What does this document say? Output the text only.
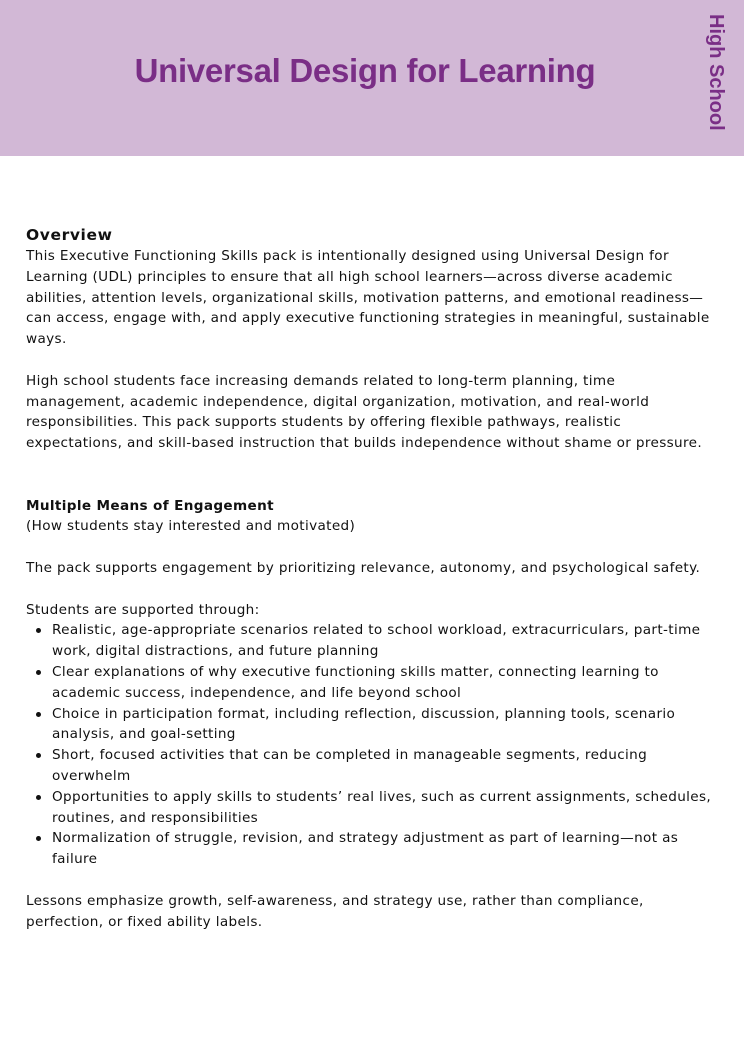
Universal Design for Learning	High School

Overview

This Executive Functioning Skills pack is intentionally designed using Universal Design for Learning (UDL) principles to ensure that all high school learners—across diverse academic abilities, attention levels, organizational skills, motivation patterns, and emotional readiness—can access, engage with, and apply executive functioning strategies in meaningful, sustainable ways.

High school students face increasing demands related to long-term planning, time management, academic independence, digital organization, motivation, and real-world responsibilities. This pack supports students by offering flexible pathways, realistic expectations, and skill-based instruction that builds independence without shame or pressure.

Multiple Means of Engagement

(How students stay interested and motivated)

The pack supports engagement by prioritizing relevance, autonomy, and psychological safety.

Students are supported through:

Realistic, age-appropriate scenarios related to school workload, extracurriculars, part-time work, digital distractions, and future planning
Clear explanations of why executive functioning skills matter, connecting learning to academic success, independence, and life beyond school
Choice in participation format, including reflection, discussion, planning tools, scenario analysis, and goal-setting
Short, focused activities that can be completed in manageable segments, reducing overwhelm
Opportunities to apply skills to students’ real lives, such as current assignments, schedules, routines, and responsibilities
Normalization of struggle, revision, and strategy adjustment as part of learning—not as failure

Lessons emphasize growth, self-awareness, and strategy use, rather than compliance, perfection, or fixed ability labels.
